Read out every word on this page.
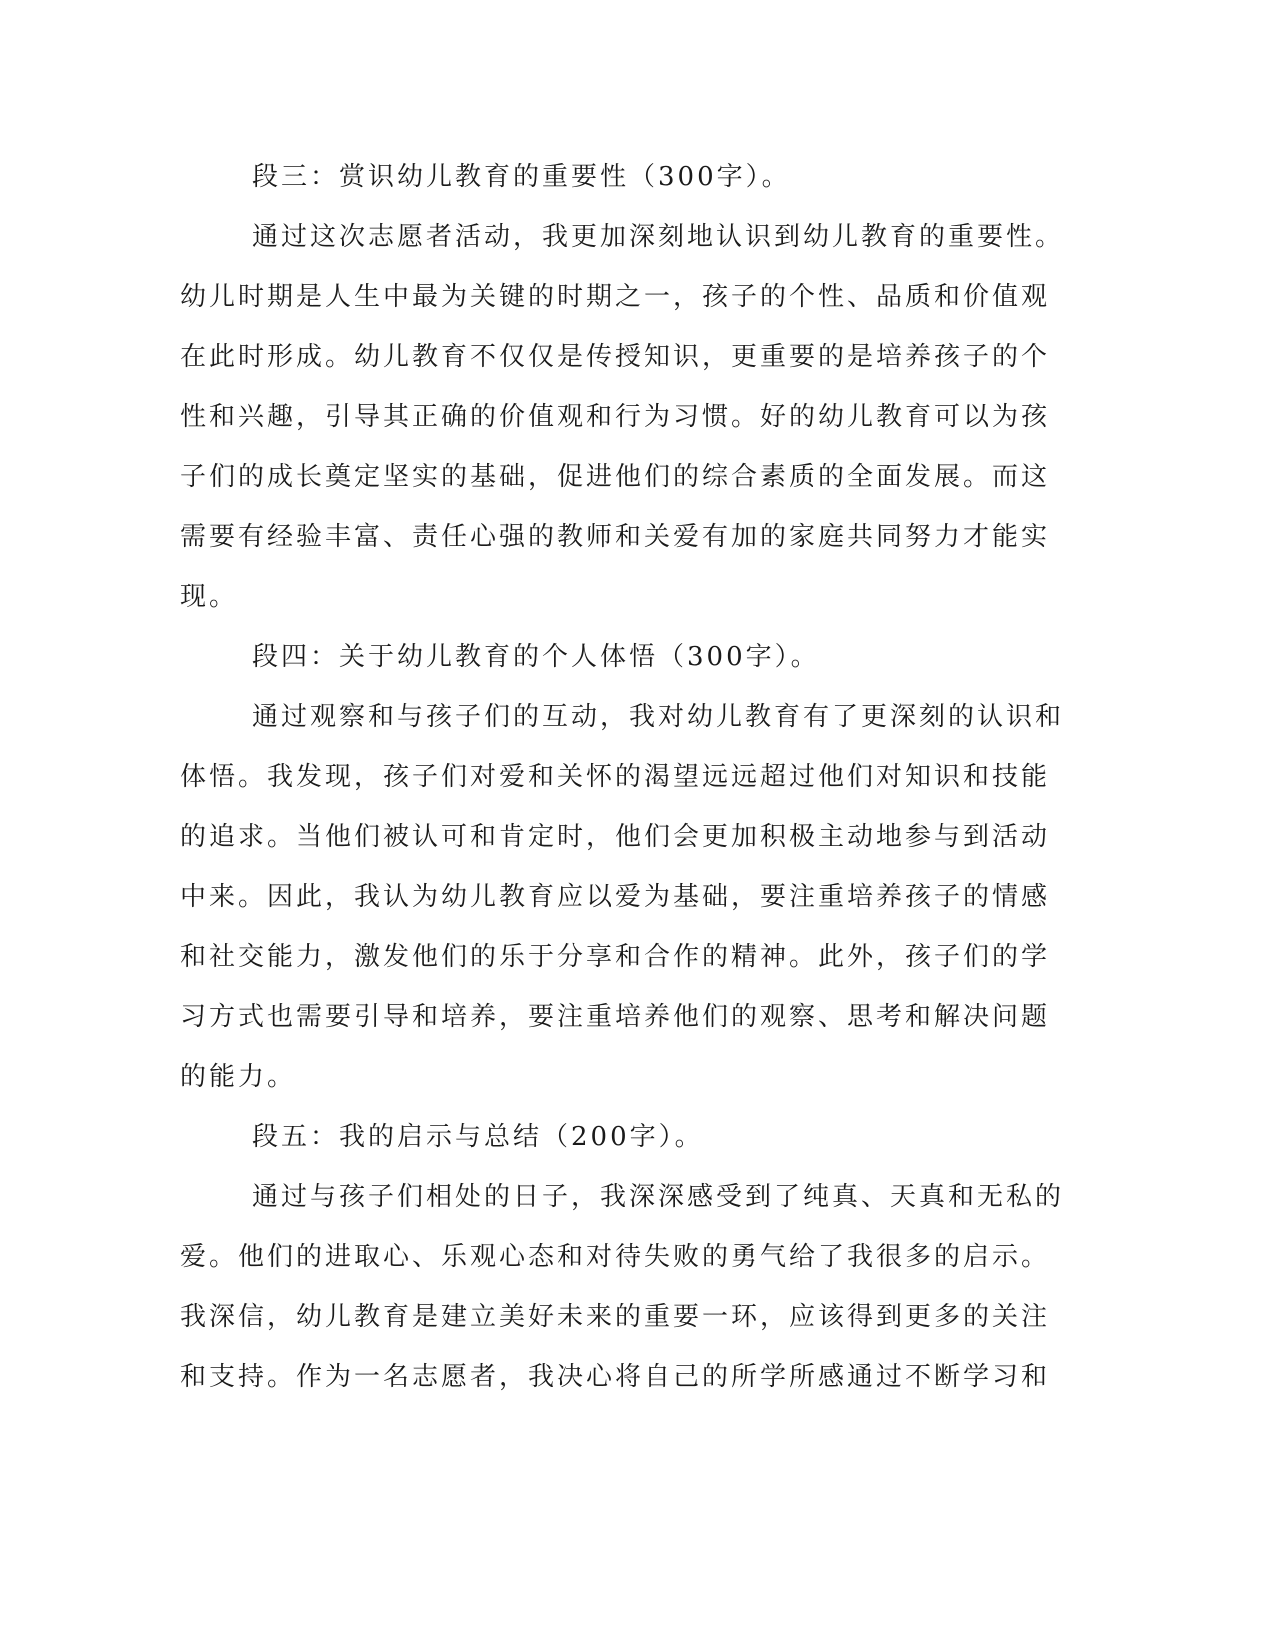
段三：赏识幼儿教育的重要性（300字）。
通过这次志愿者活动，我更加深刻地认识到幼儿教育的重要性。
幼儿时期是人生中最为关键的时期之一，孩子的个性、品质和价值观
在此时形成。幼儿教育不仅仅是传授知识，更重要的是培养孩子的个
性和兴趣，引导其正确的价值观和行为习惯。好的幼儿教育可以为孩
子们的成长奠定坚实的基础，促进他们的综合素质的全面发展。而这
需要有经验丰富、责任心强的教师和关爱有加的家庭共同努力才能实
现。
段四：关于幼儿教育的个人体悟（300字）。
通过观察和与孩子们的互动，我对幼儿教育有了更深刻的认识和
体悟。我发现，孩子们对爱和关怀的渴望远远超过他们对知识和技能
的追求。当他们被认可和肯定时，他们会更加积极主动地参与到活动
中来。因此，我认为幼儿教育应以爱为基础，要注重培养孩子的情感
和社交能力，激发他们的乐于分享和合作的精神。此外，孩子们的学
习方式也需要引导和培养，要注重培养他们的观察、思考和解决问题
的能力。
段五：我的启示与总结（200字）。
通过与孩子们相处的日子，我深深感受到了纯真、天真和无私的
爱。他们的进取心、乐观心态和对待失败的勇气给了我很多的启示。
我深信，幼儿教育是建立美好未来的重要一环，应该得到更多的关注
和支持。作为一名志愿者，我决心将自己的所学所感通过不断学习和
